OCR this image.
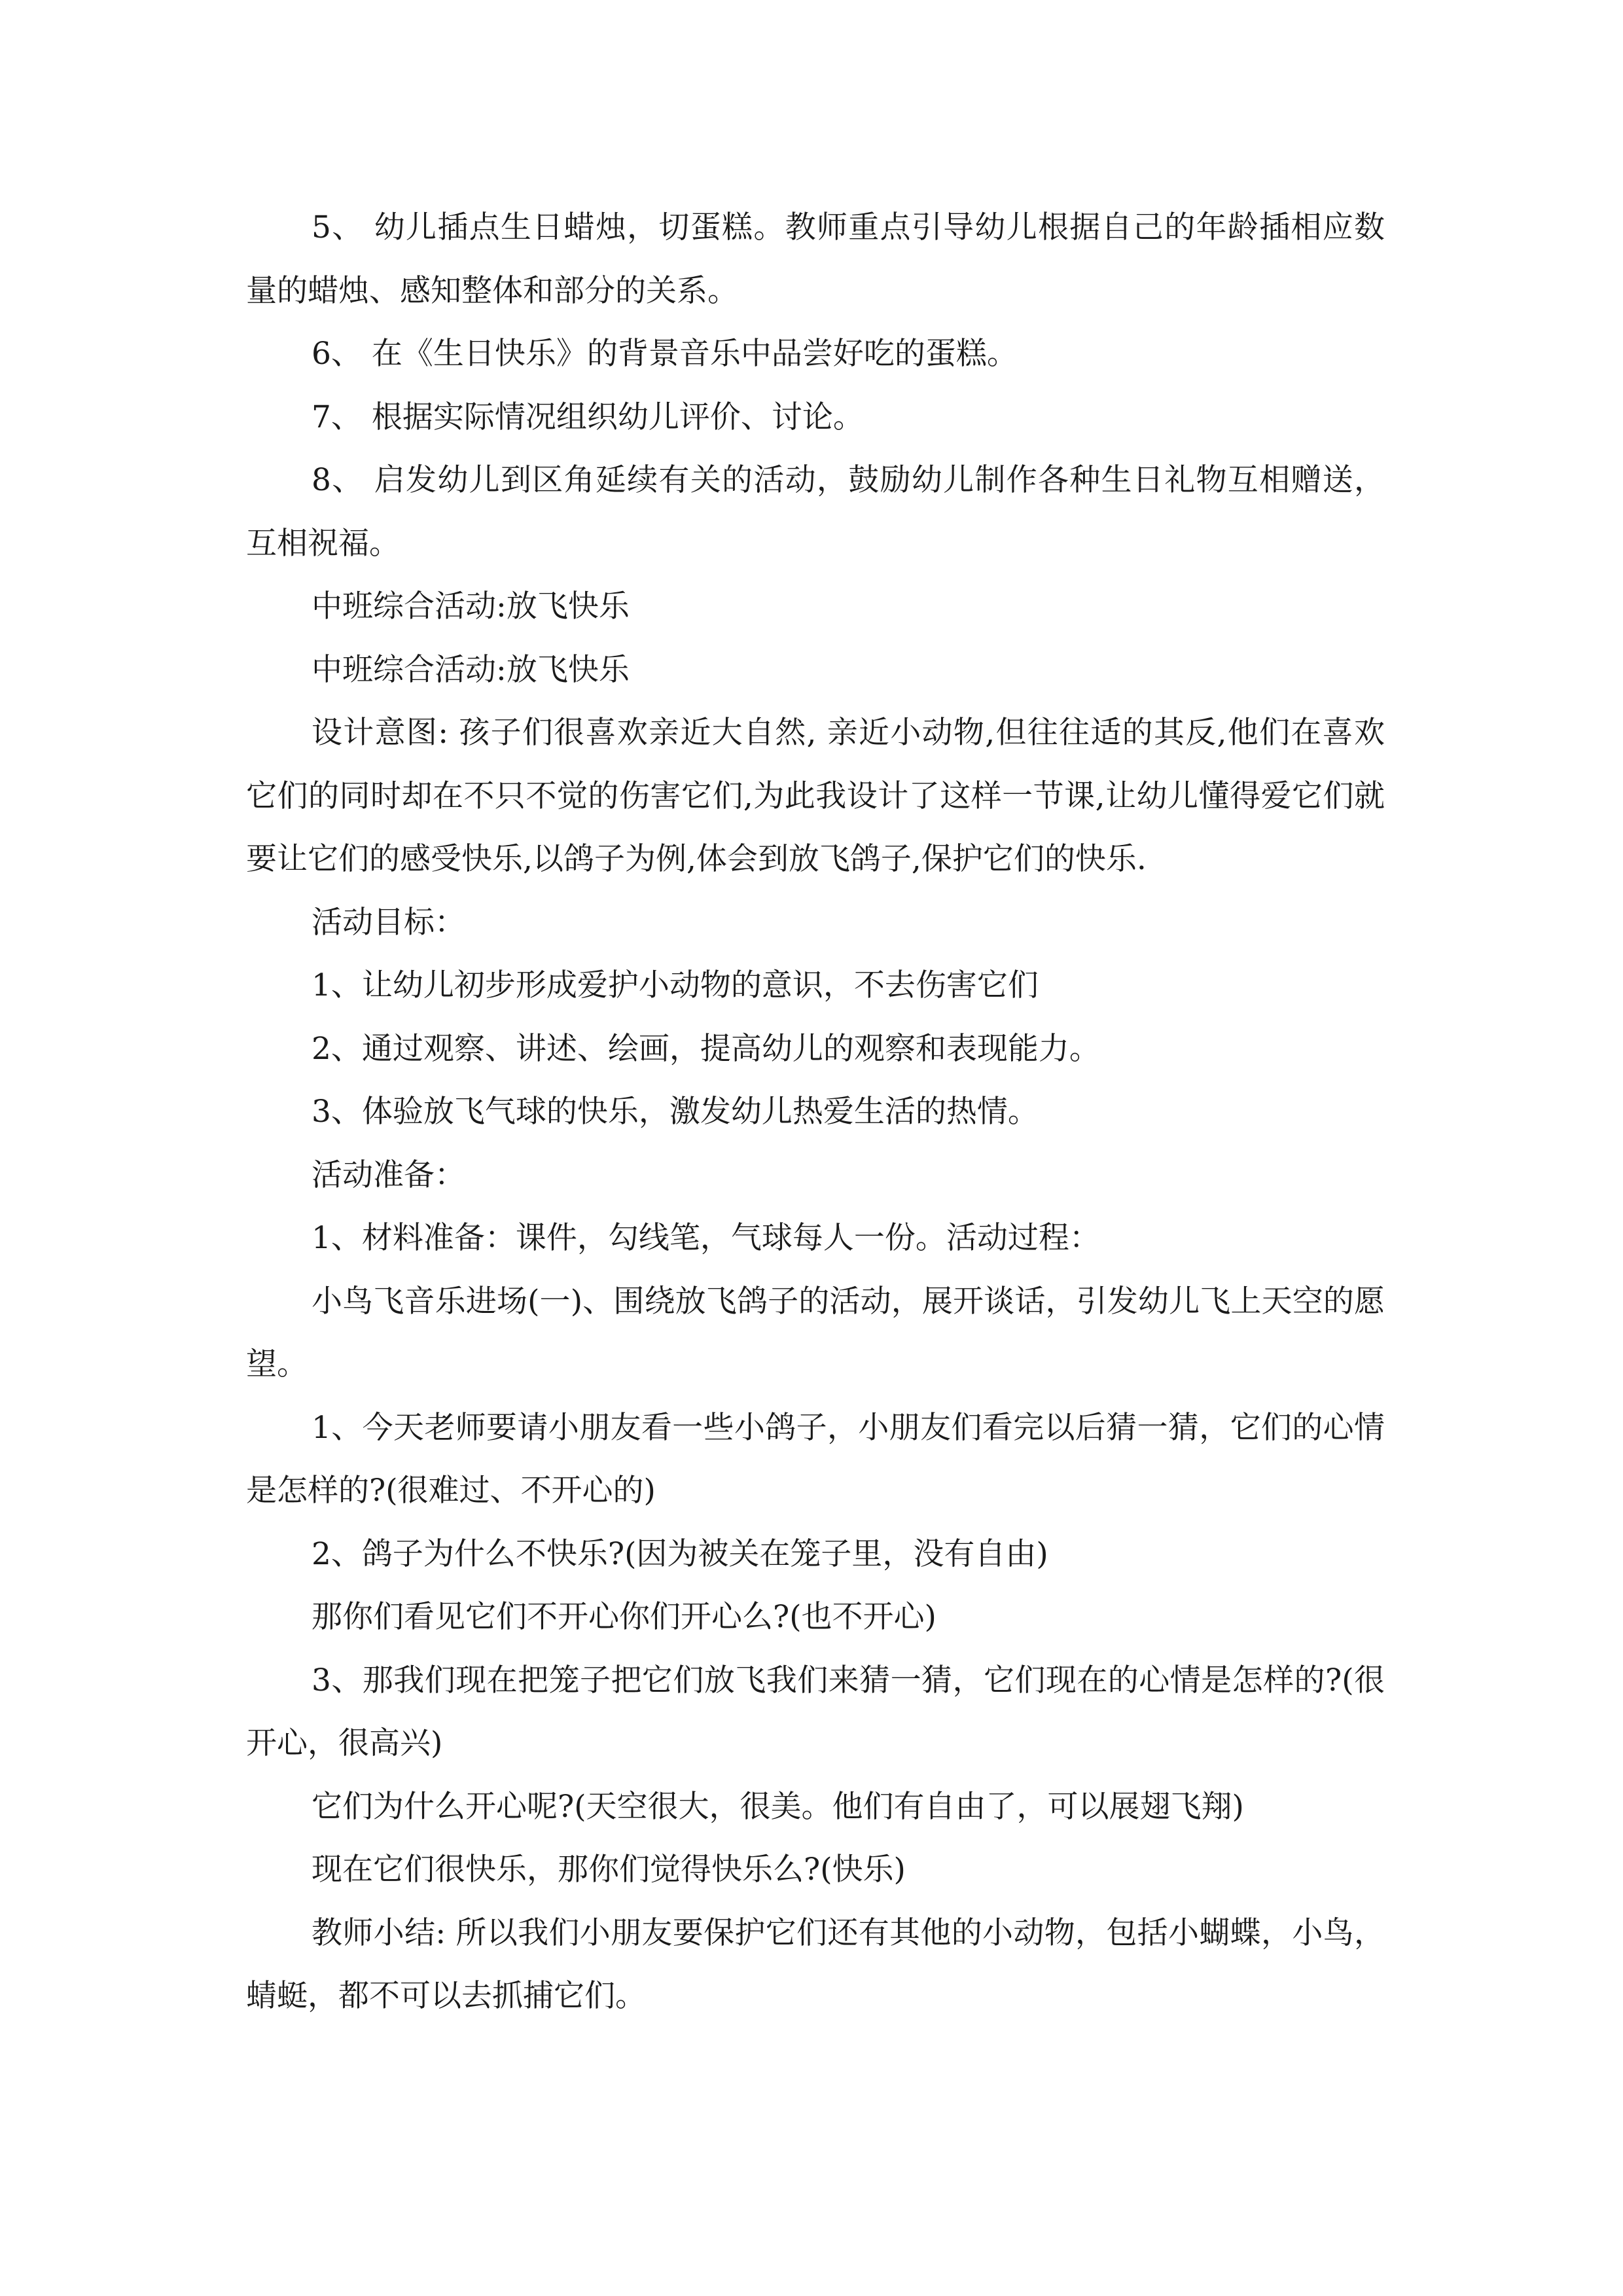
5、 幼儿插点生日蜡烛，切蛋糕。教师重点引导幼儿根据自己的年龄插相应数量的蜡烛、感知整体和部分的关系。

6、 在《生日快乐》的背景音乐中品尝好吃的蛋糕。

7、 根据实际情况组织幼儿评价、讨论。

8、 启发幼儿到区角延续有关的活动，鼓励幼儿制作各种生日礼物互相赠送，互相祝福。

中班综合活动:放飞快乐

中班综合活动:放飞快乐

设计意图: 孩子们很喜欢亲近大自然, 亲近小动物,但往往适的其反,他们在喜欢它们的同时却在不只不觉的伤害它们,为此我设计了这样一节课,让幼儿懂得爱它们就要让它们的感受快乐,以鸽子为例,体会到放飞鸽子,保护它们的快乐.

活动目标：

1、让幼儿初步形成爱护小动物的意识，不去伤害它们

2、通过观察、讲述、绘画，提高幼儿的观察和表现能力。

3、体验放飞气球的快乐，激发幼儿热爱生活的热情。

活动准备：

1、材料准备：课件，勾线笔，气球每人一份。活动过程：

小鸟飞音乐进场(一)、围绕放飞鸽子的活动，展开谈话，引发幼儿飞上天空的愿望。

1、今天老师要请小朋友看一些小鸽子，小朋友们看完以后猜一猜，它们的心情是怎样的?(很难过、不开心的)

2、鸽子为什么不快乐?(因为被关在笼子里，没有自由)

那你们看见它们不开心你们开心么?(也不开心)

3、那我们现在把笼子把它们放飞我们来猜一猜，它们现在的心情是怎样的?(很开心，很高兴)

它们为什么开心呢?(天空很大，很美。他们有自由了，可以展翅飞翔)

现在它们很快乐，那你们觉得快乐么?(快乐)

教师小结: 所以我们小朋友要保护它们还有其他的小动物，包括小蝴蝶，小鸟，蜻蜓，都不可以去抓捕它们。
